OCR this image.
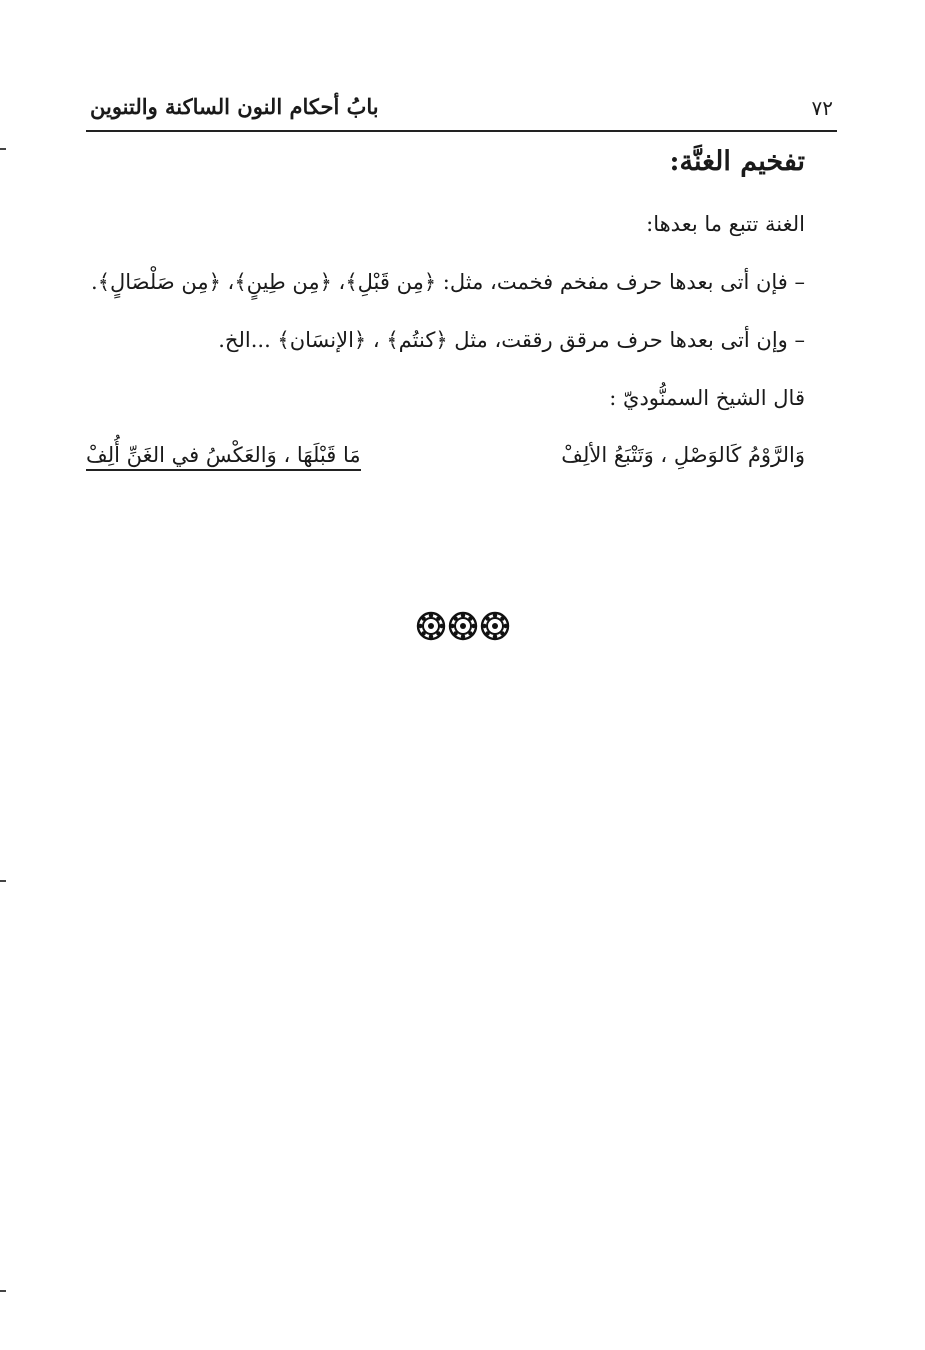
٧٢
بابُ أحكام النون الساكنة والتنوين
تفخيم الغنَّة:

الغنة تتبع ما بعدها:

– فإن أتى بعدها حرف مفخم فخمت، مثل: ﴿مِن قَبْلِ﴾، ﴿مِن طِينٍ﴾، ﴿مِن صَلْصَالٍ﴾.

– وإن أتى بعدها حرف مرقق رققت، مثل ﴿كنتُم﴾ ، ﴿الإنسَان﴾ ...الخ.

قال الشيخ السمنُّوديّ :

وَالرَّوْمُ كَالوَصْلِ ، وَتَتْبَعُ الألِفْ
مَا قَبْلَهَا ، وَالعَكْسُ في الغَنِّ أُلِفْ
